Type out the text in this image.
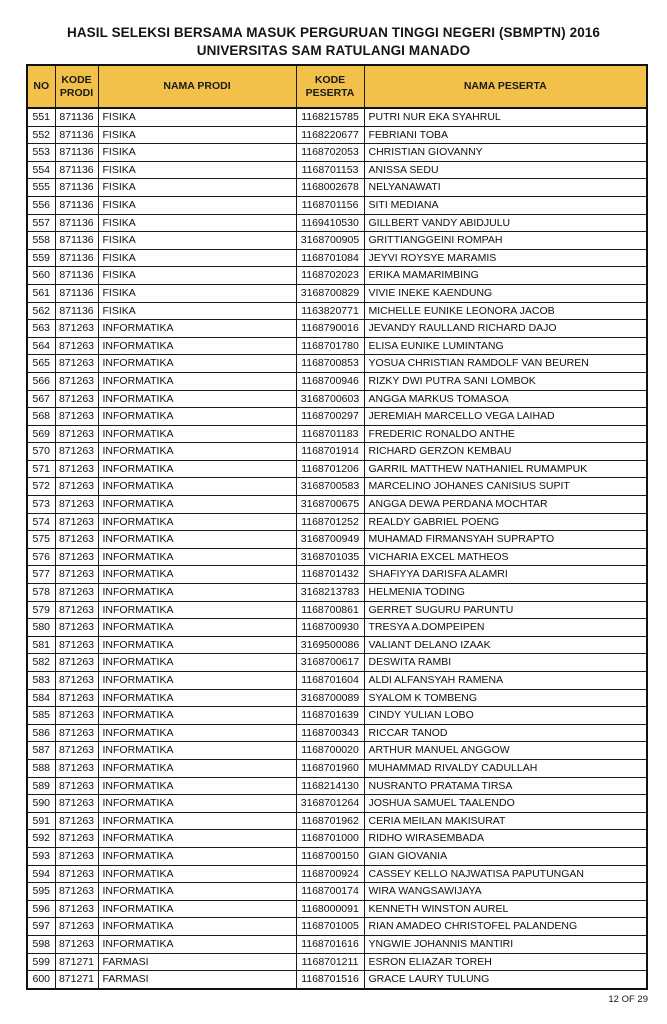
HASIL SELEKSI BERSAMA MASUK PERGURUAN TINGGI NEGERI (SBMPTN) 2016
UNIVERSITAS SAM RATULANGI MANADO
NO	KODE PRODI	NAMA PRODI	KODE PESERTA	NAMA PESERTA
551	871136	FISIKA	1168215785	PUTRI NUR EKA SYAHRUL
552	871136	FISIKA	1168220677	FEBRIANI TOBA
553	871136	FISIKA	1168702053	CHRISTIAN GIOVANNY
554	871136	FISIKA	1168701153	ANISSA SEDU
555	871136	FISIKA	1168002678	NELYANAWATI
556	871136	FISIKA	1168701156	SITI MEDIANA
557	871136	FISIKA	1169410530	GILLBERT VANDY ABIDJULU
558	871136	FISIKA	3168700905	GRITTIANGGEINI ROMPAH
559	871136	FISIKA	1168701084	JEYVI ROYSYE MARAMIS
560	871136	FISIKA	1168702023	ERIKA MAMARIMBING
561	871136	FISIKA	3168700829	VIVIE INEKE KAENDUNG
562	871136	FISIKA	1163820771	MICHELLE EUNIKE LEONORA JACOB
563	871263	INFORMATIKA	1168790016	JEVANDY RAULLAND RICHARD DAJO
564	871263	INFORMATIKA	1168701780	ELISA EUNIKE LUMINTANG
565	871263	INFORMATIKA	1168700853	YOSUA CHRISTIAN RAMDOLF VAN BEUREN
566	871263	INFORMATIKA	1168700946	RIZKY DWI PUTRA SANI LOMBOK
567	871263	INFORMATIKA	3168700603	ANGGA MARKUS TOMASOA
568	871263	INFORMATIKA	1168700297	JEREMIAH MARCELLO VEGA LAIHAD
569	871263	INFORMATIKA	1168701183	FREDERIC RONALDO ANTHE
570	871263	INFORMATIKA	1168701914	RICHARD GERZON KEMBAU
571	871263	INFORMATIKA	1168701206	GARRIL MATTHEW NATHANIEL RUMAMPUK
572	871263	INFORMATIKA	3168700583	MARCELINO JOHANES CANISIUS SUPIT
573	871263	INFORMATIKA	3168700675	ANGGA DEWA PERDANA MOCHTAR
574	871263	INFORMATIKA	1168701252	REALDY GABRIEL POENG
575	871263	INFORMATIKA	3168700949	MUHAMAD FIRMANSYAH SUPRAPTO
576	871263	INFORMATIKA	3168701035	VICHARIA EXCEL MATHEOS
577	871263	INFORMATIKA	1168701432	SHAFIYYA DARISFA ALAMRI
578	871263	INFORMATIKA	3168213783	HELMENIA TODING
579	871263	INFORMATIKA	1168700861	GERRET SUGURU PARUNTU
580	871263	INFORMATIKA	1168700930	TRESYA A.DOMPEIPEN
581	871263	INFORMATIKA	3169500086	VALIANT DELANO IZAAK
582	871263	INFORMATIKA	3168700617	DESWITA RAMBI
583	871263	INFORMATIKA	1168701604	ALDI ALFANSYAH RAMENA
584	871263	INFORMATIKA	3168700089	SYALOM K TOMBENG
585	871263	INFORMATIKA	1168701639	CINDY YULIAN LOBO
586	871263	INFORMATIKA	1168700343	RICCAR TANOD
587	871263	INFORMATIKA	1168700020	ARTHUR MANUEL ANGGOW
588	871263	INFORMATIKA	1168701960	MUHAMMAD RIVALDY CADULLAH
589	871263	INFORMATIKA	1168214130	NUSRANTO PRATAMA TIRSA
590	871263	INFORMATIKA	3168701264	JOSHUA SAMUEL TAALENDO
591	871263	INFORMATIKA	1168701962	CERIA MEILAN MAKISURAT
592	871263	INFORMATIKA	1168701000	RIDHO WIRASEMBADA
593	871263	INFORMATIKA	1168700150	GIAN GIOVANIA
594	871263	INFORMATIKA	1168700924	CASSEY KELLO NAJWATISA PAPUTUNGAN
595	871263	INFORMATIKA	1168700174	WIRA WANGSAWIJAYA
596	871263	INFORMATIKA	1168000091	KENNETH WINSTON AUREL
597	871263	INFORMATIKA	1168701005	RIAN AMADEO CHRISTOFEL PALANDENG
598	871263	INFORMATIKA	1168701616	YNGWIE JOHANNIS MANTIRI
599	871271	FARMASI	1168701211	ESRON ELIAZAR TOREH
600	871271	FARMASI	1168701516	GRACE LAURY TULUNG
12 OF 29
